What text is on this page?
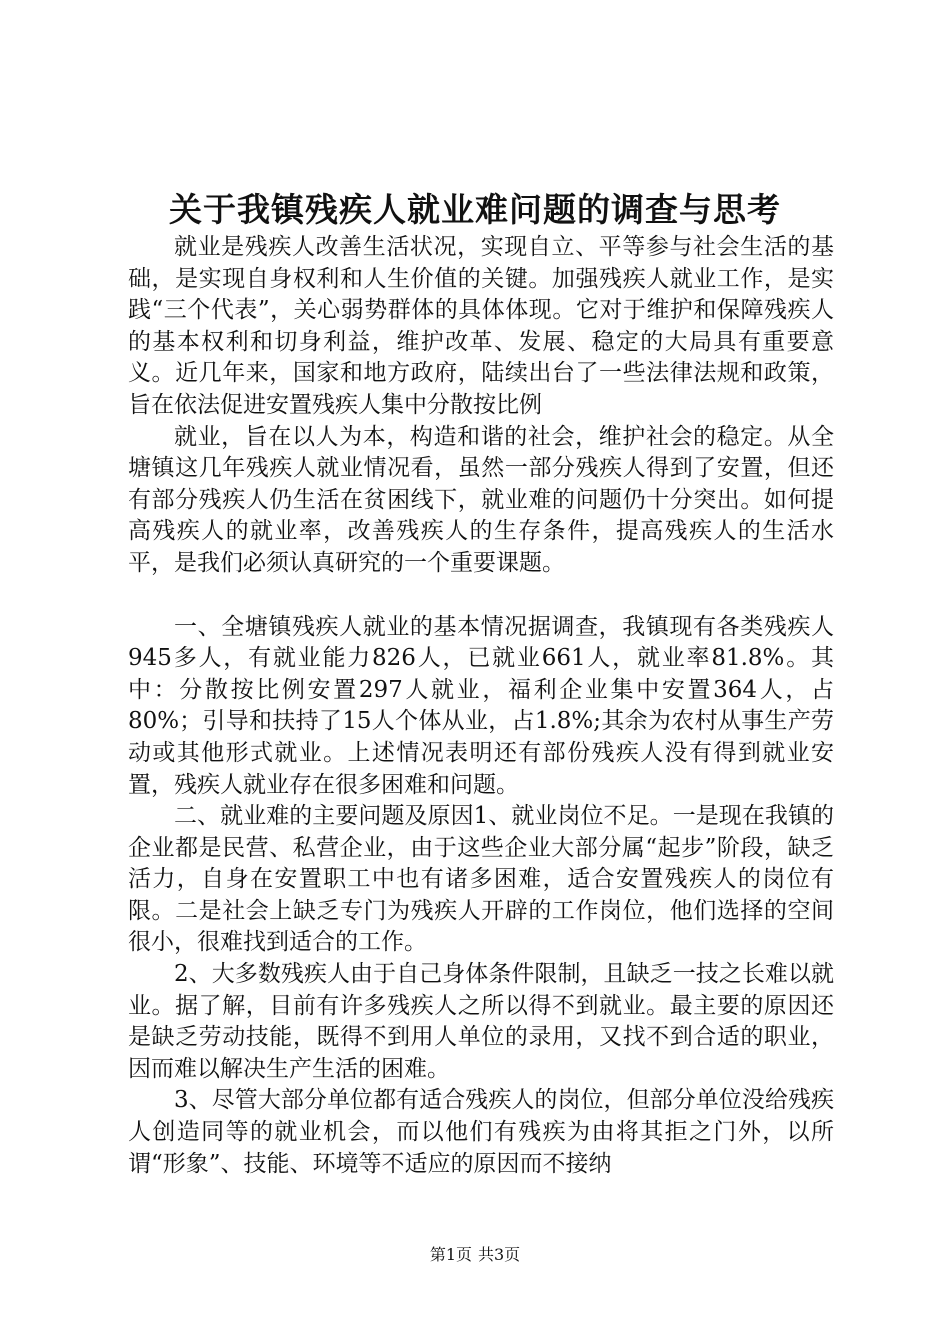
关于我镇残疾人就业难问题的调查与思考

就业是残疾人改善生活状况，实现自立、平等参与社会生活的基础，是实现自身权利和人生价值的关键。加强残疾人就业工作，是实践“三个代表”，关心弱势群体的具体体现。它对于维护和保障残疾人的基本权利和切身利益，维护改革、发展、稳定的大局具有重要意义。近几年来，国家和地方政府，陆续出台了一些法律法规和政策，旨在依法促进安置残疾人集中分散按比例

就业，旨在以人为本，构造和谐的社会，维护社会的稳定。从全塘镇这几年残疾人就业情况看，虽然一部分残疾人得到了安置，但还有部分残疾人仍生活在贫困线下，就业难的问题仍十分突出。如何提高残疾人的就业率，改善残疾人的生存条件，提高残疾人的生活水平，是我们必须认真研究的一个重要课题。

一、全塘镇残疾人就业的基本情况据调查，我镇现有各类残疾人945多人，有就业能力826人，已就业661人，就业率81.8%。其中：分散按比例安置297人就业，福利企业集中安置364人，占80%；引导和扶持了15人个体从业，占1.8%;其余为农村从事生产劳动或其他形式就业。上述情况表明还有部份残疾人没有得到就业安置，残疾人就业存在很多困难和问题。

二、就业难的主要问题及原因1、就业岗位不足。一是现在我镇的企业都是民营、私营企业，由于这些企业大部分属“起步”阶段，缺乏活力，自身在安置职工中也有诸多困难，适合安置残疾人的岗位有限。二是社会上缺乏专门为残疾人开辟的工作岗位，他们选择的空间很小，很难找到适合的工作。

2、大多数残疾人由于自己身体条件限制，且缺乏一技之长难以就业。据了解，目前有许多残疾人之所以得不到就业。最主要的原因还是缺乏劳动技能，既得不到用人单位的录用，又找不到合适的职业，因而难以解决生产生活的困难。

3、尽管大部分单位都有适合残疾人的岗位，但部分单位没给残疾人创造同等的就业机会，而以他们有残疾为由将其拒之门外，以所谓“形象”、技能、环境等不适应的原因而不接纳

第1页 共3页
